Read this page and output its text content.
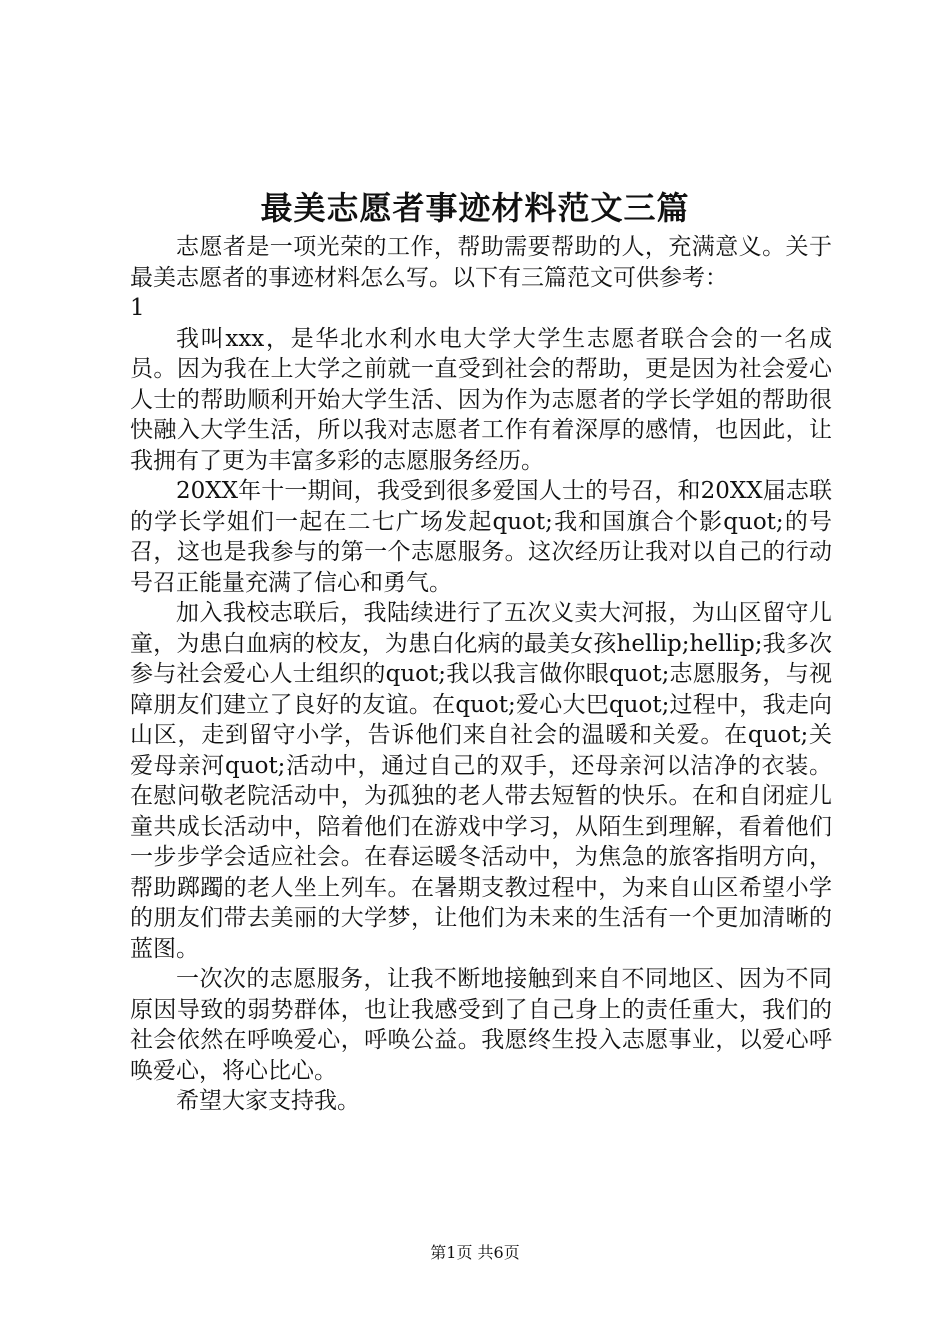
最美志愿者事迹材料范文三篇

志愿者是一项光荣的工作，帮助需要帮助的人，充满意义。关于最美志愿者的事迹材料怎么写。以下有三篇范文可供参考：

1

我叫xxx，是华北水利水电大学大学生志愿者联合会的一名成员。因为我在上大学之前就一直受到社会的帮助，更是因为社会爱心人士的帮助顺利开始大学生活、因为作为志愿者的学长学姐的帮助很快融入大学生活，所以我对志愿者工作有着深厚的感情，也因此，让我拥有了更为丰富多彩的志愿服务经历。

20XX年十一期间，我受到很多爱国人士的号召，和20XX届志联的学长学姐们一起在二七广场发起quot;我和国旗合个影quot;的号召，这也是我参与的第一个志愿服务。这次经历让我对以自己的行动号召正能量充满了信心和勇气。

加入我校志联后，我陆续进行了五次义卖大河报，为山区留守儿童，为患白血病的校友，为患白化病的最美女孩hellip;hellip;我多次参与社会爱心人士组织的quot;我以我言做你眼quot;志愿服务，与视障朋友们建立了良好的友谊。在quot;爱心大巴quot;过程中，我走向山区，走到留守小学，告诉他们来自社会的温暖和关爱。在quot;关爱母亲河quot;活动中，通过自己的双手，还母亲河以洁净的衣装。在慰问敬老院活动中，为孤独的老人带去短暂的快乐。在和自闭症儿童共成长活动中，陪着他们在游戏中学习，从陌生到理解，看着他们一步步学会适应社会。在春运暖冬活动中，为焦急的旅客指明方向，帮助踯躅的老人坐上列车。在暑期支教过程中，为来自山区希望小学的朋友们带去美丽的大学梦，让他们为未来的生活有一个更加清晰的蓝图。

一次次的志愿服务，让我不断地接触到来自不同地区、因为不同原因导致的弱势群体，也让我感受到了自己身上的责任重大，我们的社会依然在呼唤爱心，呼唤公益。我愿终生投入志愿事业，以爱心呼唤爱心，将心比心。

希望大家支持我。

第1页 共6页
